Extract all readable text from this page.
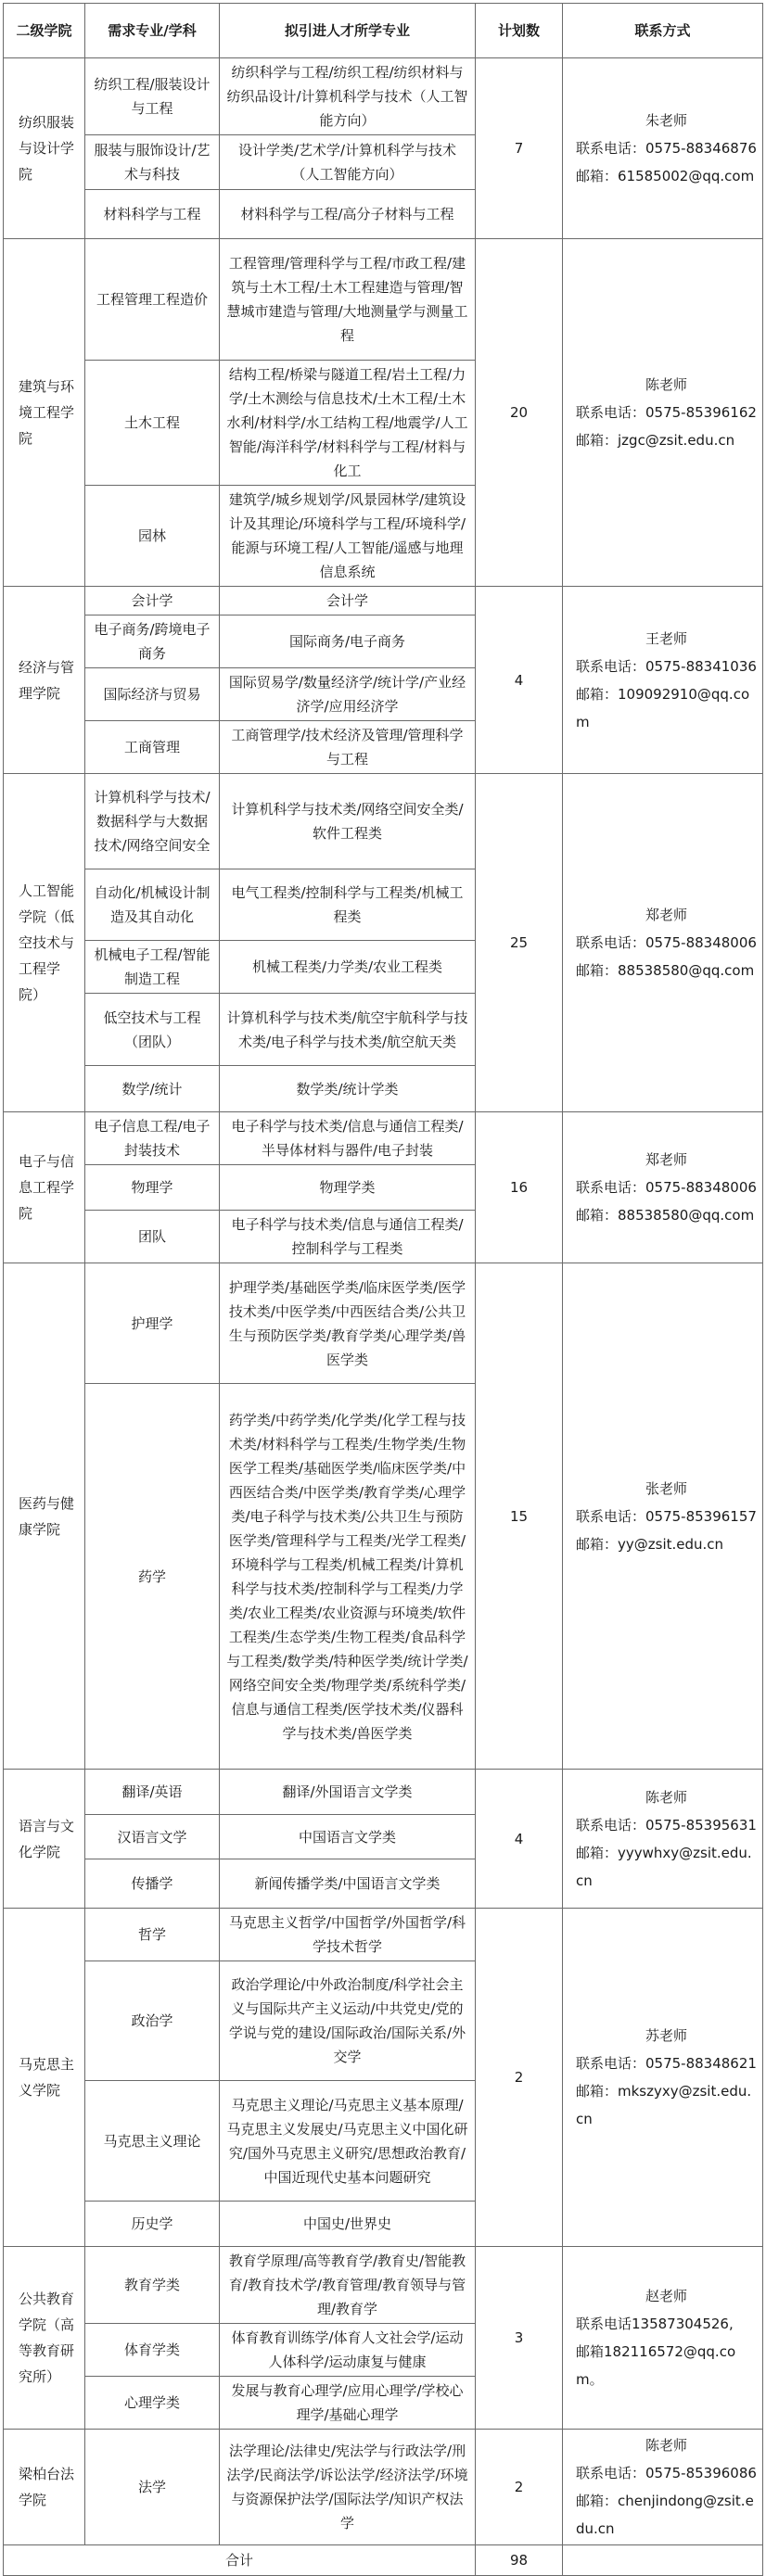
二级学院	需求专业/学科	拟引进人才所学专业	计划数	联系方式
纺织服装与设计学院	纺织工程/服装设计与工程	纺织科学与工程/纺织工程/纺织材料与纺织品设计/计算机科学与技术（人工智能方向）	7	朱老师
联系电话：0575-88346876
邮箱：61585002@qq.com
	服装与服饰设计/艺术与科技	设计学类/艺术学/计算机科学与技术（人工智能方向）		
	材料科学与工程	材料科学与工程/高分子材料与工程		
建筑与环境工程学院	工程管理工程造价	工程管理/管理科学与工程/市政工程/建筑与土木工程/土木工程建造与管理/智慧城市建造与管理/大地测量学与测量工程	20	陈老师
联系电话：0575-85396162
邮箱：jzgc@zsit.edu.cn
	土木工程	结构工程/桥梁与隧道工程/岩土工程/力学/土木测绘与信息技术/土木工程/土木水利/材料学/水工结构工程/地震学/人工智能/海洋科学/材料科学与工程/材料与化工		
	园林	建筑学/城乡规划学/风景园林学/建筑设计及其理论/环境科学与工程/环境科学/能源与环境工程/人工智能/遥感与地理信息系统		
经济与管理学院	会计学	会计学	4	王老师
联系电话：0575-88341036
邮箱：109092910@qq.com
	电子商务/跨境电子商务	国际商务/电子商务		
	国际经济与贸易	国际贸易学/数量经济学/统计学/产业经济学/应用经济学		
	工商管理	工商管理学/技术经济及管理/管理科学与工程		
人工智能学院（低空技术与工程学院）	计算机科学与技术/数据科学与大数据技术/网络空间安全	计算机科学与技术类/网络空间安全类/软件工程类	25	郑老师
联系电话：0575-88348006
邮箱：88538580@qq.com
	自动化/机械设计制造及其自动化	电气工程类/控制科学与工程类/机械工程类		
	机械电子工程/智能制造工程	机械工程类/力学类/农业工程类		
	低空技术与工程（团队）	计算机科学与技术类/航空宇航科学与技术类/电子科学与技术类/航空航天类		
	数学/统计	数学类/统计学类		
电子与信息工程学院	电子信息工程/电子封装技术	电子科学与技术类/信息与通信工程类/半导体材料与器件/电子封装	16	郑老师
联系电话：0575-88348006
邮箱：88538580@qq.com
	物理学	物理学类		
	团队	电子科学与技术类/信息与通信工程类/控制科学与工程类		
医药与健康学院	护理学	护理学类/基础医学类/临床医学类/医学技术类/中医学类/中西医结合类/公共卫生与预防医学类/教育学类/心理学类/兽医学类	15	张老师
联系电话：0575-85396157
邮箱：yy@zsit.edu.cn
	药学	药学类/中药学类/化学类/化学工程与技术类/材料科学与工程类/生物学类/生物医学工程类/基础医学类/临床医学类/中西医结合类/中医学类/教育学类/心理学类/电子科学与技术类/公共卫生与预防医学类/管理科学与工程类/光学工程类/环境科学与工程类/机械工程类/计算机科学与技术类/控制科学与工程类/力学类/农业工程类/农业资源与环境类/软件工程类/生态学类/生物工程类/食品科学与工程类/数学类/特种医学类/统计学类/网络空间安全类/物理学类/系统科学类/信息与通信工程类/医学技术类/仪器科学与技术类/兽医学类		
语言与文化学院	翻译/英语	翻译/外国语言文学类	4	陈老师
联系电话：0575-85395631
邮箱：yyywhxy@zsit.edu.cn
	汉语言文学	中国语言文学类		
	传播学	新闻传播学类/中国语言文学类		
马克思主义学院	哲学	马克思主义哲学/中国哲学/外国哲学/科学技术哲学	2	苏老师
联系电话：0575-88348621
邮箱：mkszyxy@zsit.edu.cn
	政治学	政治学理论/中外政治制度/科学社会主义与国际共产主义运动/中共党史/党的学说与党的建设/国际政治/国际关系/外交学		
	马克思主义理论	马克思主义理论/马克思主义基本原理/马克思主义发展史/马克思主义中国化研究/国外马克思主义研究/思想政治教育/中国近现代史基本问题研究		
	历史学	中国史/世界史		
公共教育学院（高等教育研究所）	教育学类	教育学原理/高等教育学/教育史/智能教育/教育技术学/教育管理/教育领导与管理/教育学	3	赵老师
联系电话13587304526,
邮箱182116572@qq.com。
	体育学类	体育教育训练学/体育人文社会学/运动人体科学/运动康复与健康		
	心理学类	发展与教育心理学/应用心理学/学校心理学/基础心理学		
梁柏台法学院	法学	法学理论/法律史/宪法学与行政法学/刑法学/民商法学/诉讼法学/经济法学/环境与资源保护法学/国际法学/知识产权法学	2	陈老师
联系电话：0575-85396086
邮箱：chenjindong@zsit.edu.cn
合计			98	
